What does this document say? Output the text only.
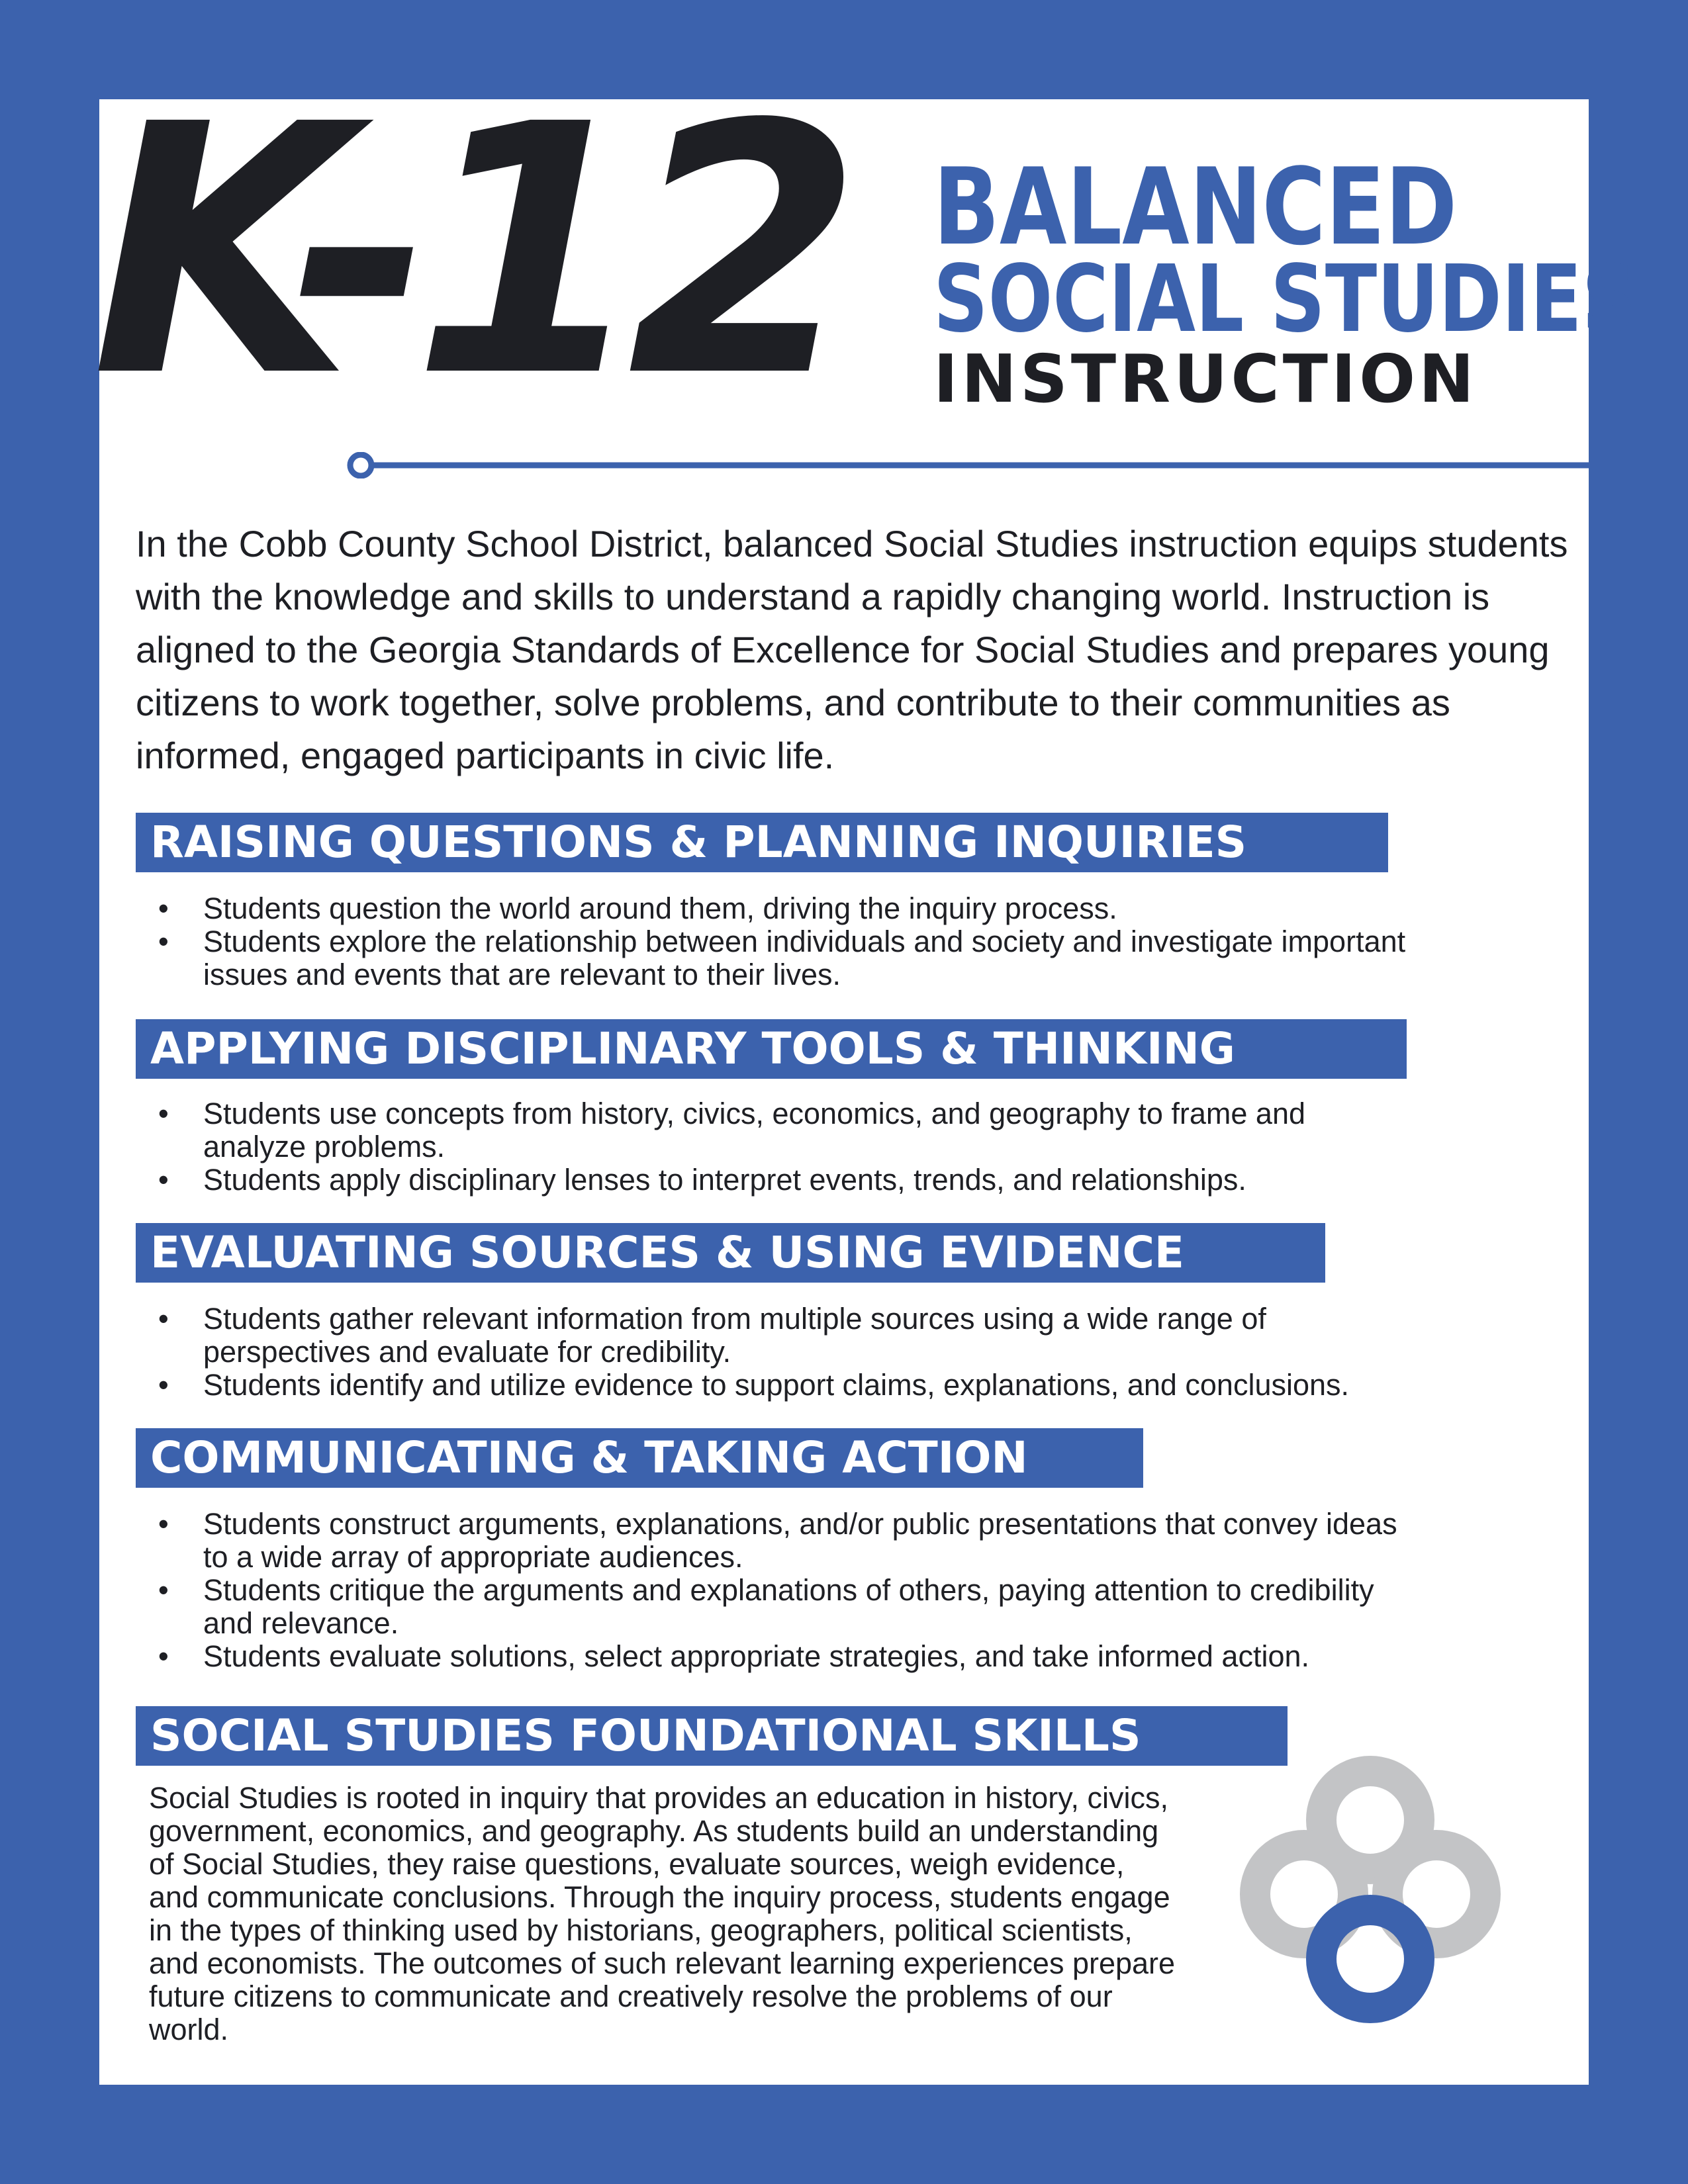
K-12 BALANCED
SOCIAL STUDIES
INSTRUCTION

In the Cobb County School District, balanced Social Studies instruction equips students with the knowledge and skills to understand a rapidly changing world. Instruction is aligned to the Georgia Standards of Excellence for Social Studies and prepares young citizens to work together, solve problems, and contribute to their communities as informed, engaged participants in civic life.

RAISING QUESTIONS & PLANNING INQUIRIES
• Students question the world around them, driving the inquiry process.
• Students explore the relationship between individuals and society and investigate important issues and events that are relevant to their lives.
APPLYING DISCIPLINARY TOOLS & THINKING
• Students use concepts from history, civics, economics, and geography to frame and analyze problems.
• Students apply disciplinary lenses to interpret events, trends, and relationships.
EVALUATING SOURCES & USING EVIDENCE
• Students gather relevant information from multiple sources using a wide range of perspectives and evaluate for credibility.
• Students identify and utilize evidence to support claims, explanations, and conclusions.
COMMUNICATING & TAKING ACTION
• Students construct arguments, explanations, and/or public presentations that convey ideas to a wide array of appropriate audiences.
• Students critique the arguments and explanations of others, paying attention to credibility and relevance.
• Students evaluate solutions, select appropriate strategies, and take informed action.
SOCIAL STUDIES FOUNDATIONAL SKILLS

Social Studies is rooted in inquiry that provides an education in history, civics, government, economics, and geography. As students build an understanding of Social Studies, they raise questions, evaluate sources, weigh evidence, and communicate conclusions. Through the inquiry process, students engage in the types of thinking used by historians, geographers, political scientists, and economists. The outcomes of such relevant learning experiences prepare future citizens to communicate and creatively resolve the problems of our world.
